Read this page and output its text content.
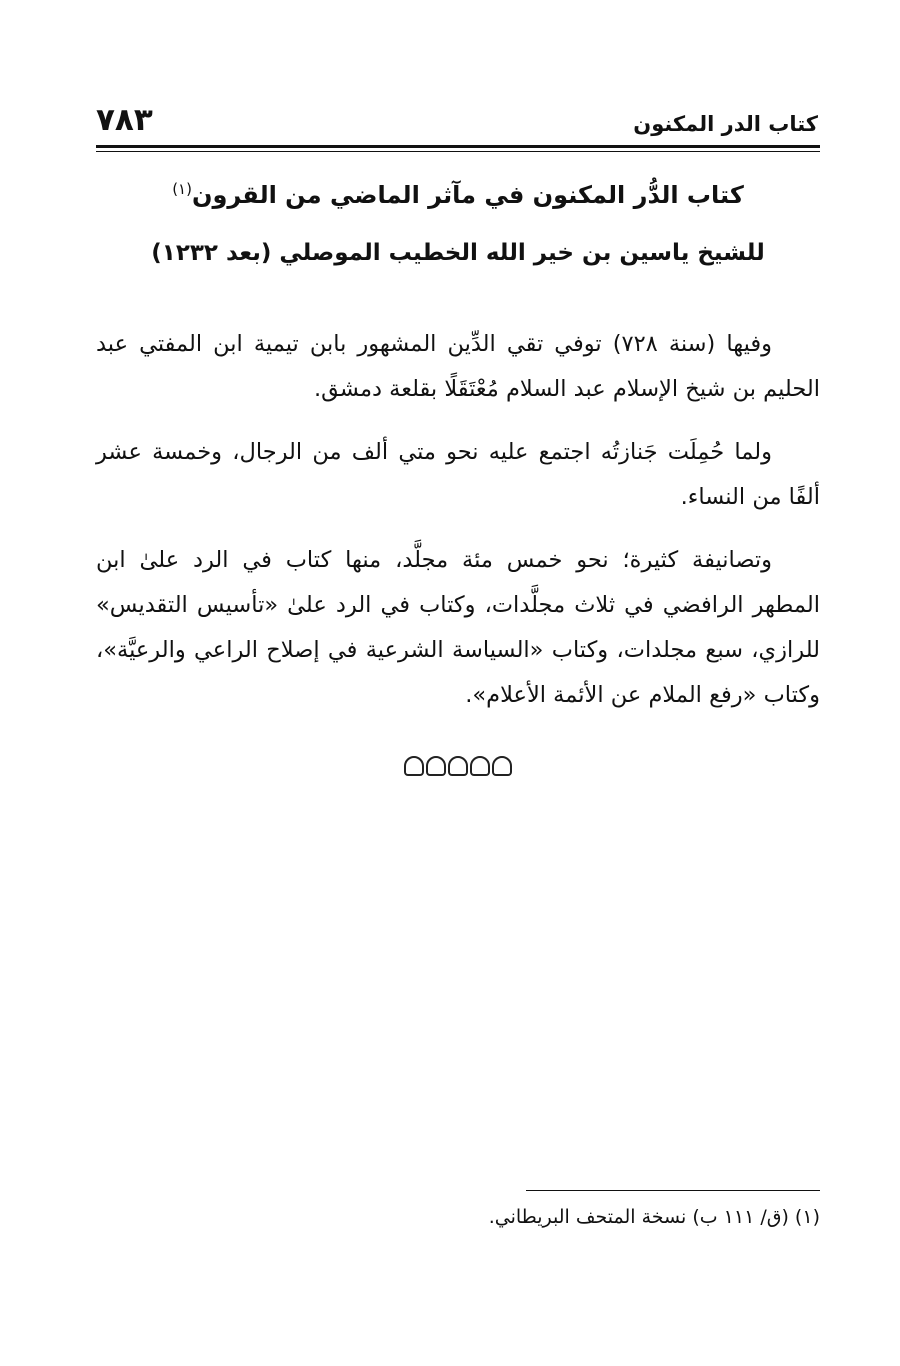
كتاب الدر المكنون
٧٨٣
كتاب الدُّر المكنون في مآثر الماضي من القرون$^{(١)}$
للشيخ ياسين بن خير الله الخطيب الموصلي (بعد ١٢٣٢)

وفيها (سنة ٧٢٨) توفي تقي الدِّين المشهور بابن تيمية ابن المفتي عبد الحليم بن شيخ الإسلام عبد السلام مُعْتَقَلًا بقلعة دمشق.

ولما حُمِلَت جَنازتُه اجتمع عليه نحو متي ألف من الرجال، وخمسة عشر ألفًا من النساء.

وتصانيفة كثيرة؛ نحو خمس مئة مجلَّد، منها كتاب في الرد علىٰ ابن المطهر الرافضي في ثلاث مجلَّدات، وكتاب في الرد علىٰ «تأسيس التقديس» للرازي، سبع مجلدات، وكتاب «السياسة الشرعية في إصلاح الراعي والرعيَّة»، وكتاب «رفع الملام عن الأئمة الأعلام».

(١) (ق/ ١١١ ب) نسخة المتحف البريطاني.
